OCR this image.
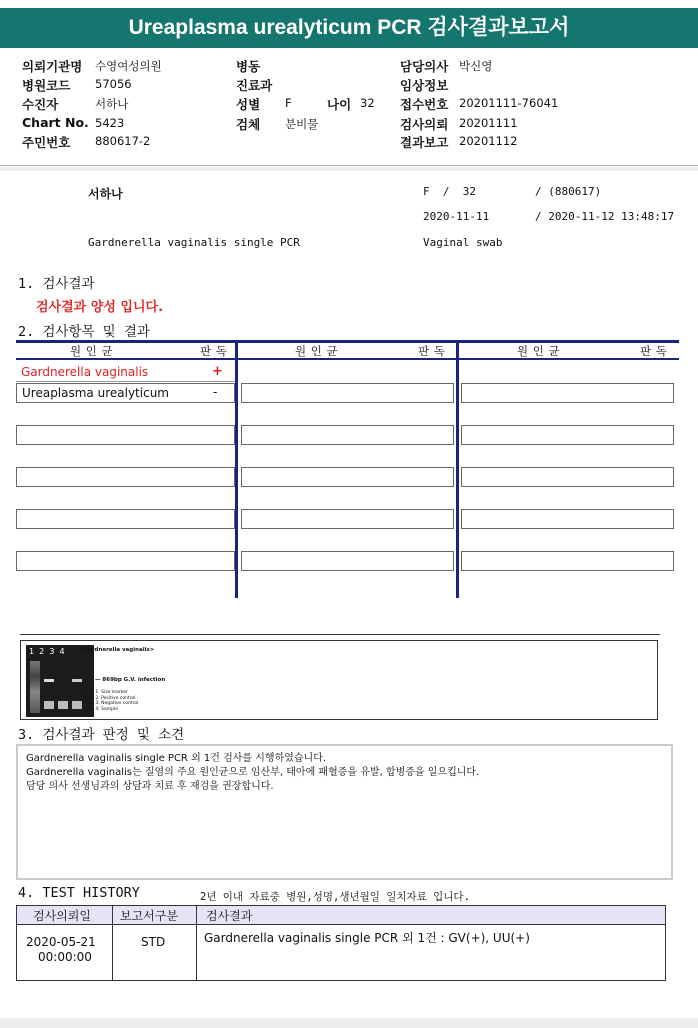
Ureaplasma urealyticum PCR 검사결과보고서
의뢰기관명 수영여성의원
병원코드 57056
수진자	서하나
Chart No. 5423
주민번호 880617-2
병동
진료과
성별 F	나이 32
검체 분비물
담당의사 박신영
임상정보
접수번호 20201111-76041
검사의뢰 20201111
결과보고 20201112
서하나	F  /  32	/ (880617)
2020-11-11	/ 2020-11-12 13:48:17
Gardnerella vaginalis single PCR	Vaginal swab
1. 검사결과
검사결과 양성 입니다.
2. 검사항목 및 결과
원 인 균	판 독	원 인 균	판 독	원 인 균	판 독
Gardnerella vaginalis	+
Ureaplasma urealyticum	-
1  2  3  4	<Gardnerella vaginalis>
— 869bp G.V. infection
Lane 1: Size marker
Lane 2: Positive control
Lane 3: Negative control
Lane 4: Sample
3. 검사결과 판정 및 소견
Gardnerella vaginalis single PCR 외 1건 검사를 시행하였습니다.
Gardnerella vaginalis는 질염의 주요 원인균으로 임산부, 태아에 패혈증을 유발, 합병증을 일으킵니다.
담당 의사 선생님과의 상담과 치료 후 재검을 권장합니다.
4. TEST HISTORY	2년 이내 자료중 병원,성명,생년월일 일치자료 입니다.
검사의뢰일 보고서구분 검사결과
2020-05-21
00:00:00
STD	Gardnerella vaginalis single PCR 외 1건 : GV(+), UU(+)
